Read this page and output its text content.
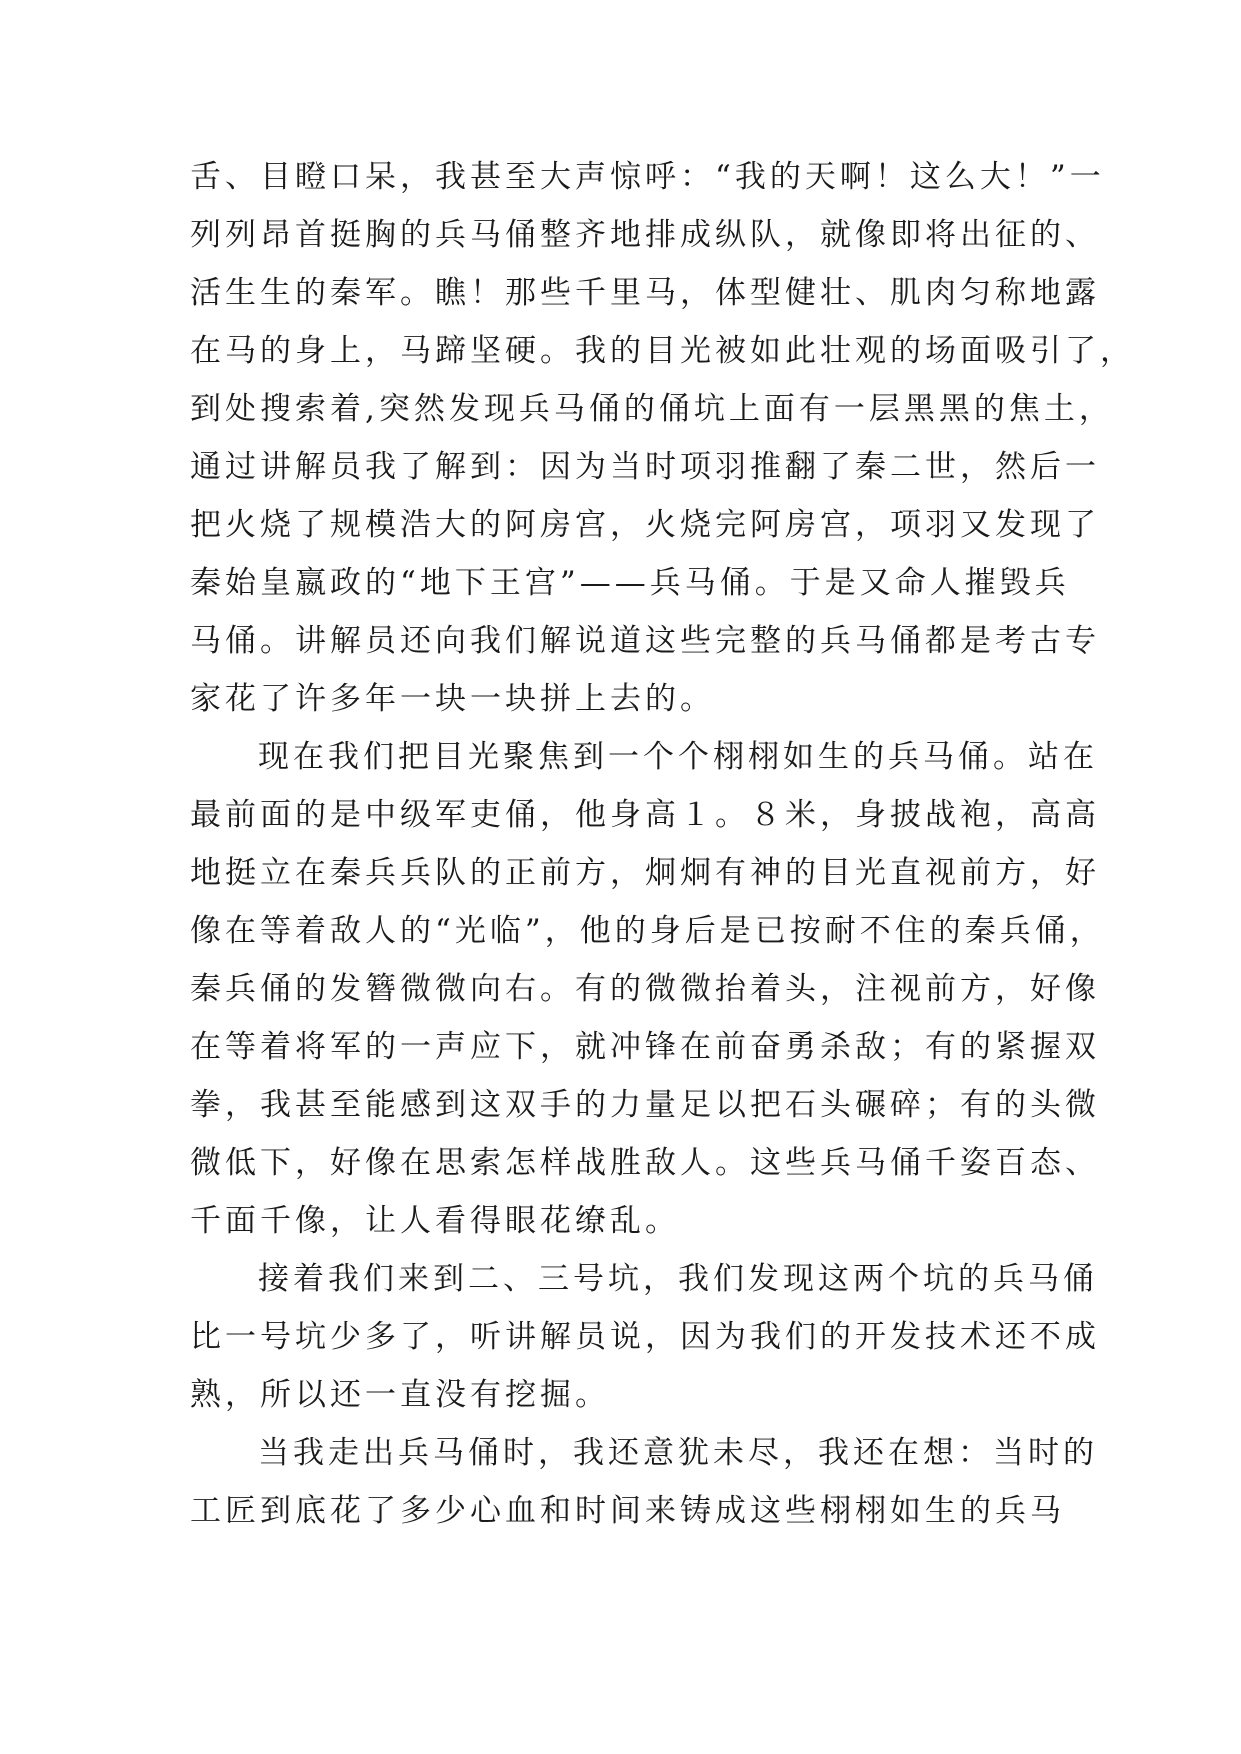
舌、目瞪口呆，我甚至大声惊呼：“我的天啊！这么大！”一
列列昂首挺胸的兵马俑整齐地排成纵队，就像即将出征的、
活生生的秦军。瞧！那些千里马，体型健壮、肌肉匀称地露
在马的身上，马蹄坚硬。我的目光被如此壮观的场面吸引了，
到处搜索着,突然发现兵马俑的俑坑上面有一层黑黑的焦土，
通过讲解员我了解到：因为当时项羽推翻了秦二世，然后一
把火烧了规模浩大的阿房宫，火烧完阿房宫，项羽又发现了
秦始皇嬴政的“地下王宫”——兵马俑。于是又命人摧毁兵
马俑。讲解员还向我们解说道这些完整的兵马俑都是考古专
家花了许多年一块一块拼上去的。
现在我们把目光聚焦到一个个栩栩如生的兵马俑。站在
最前面的是中级军吏俑，他身高１。８米，身披战袍，高高
地挺立在秦兵兵队的正前方，炯炯有神的目光直视前方，好
像在等着敌人的“光临”，他的身后是已按耐不住的秦兵俑，
秦兵俑的发簪微微向右。有的微微抬着头，注视前方，好像
在等着将军的一声应下，就冲锋在前奋勇杀敌；有的紧握双
拳，我甚至能感到这双手的力量足以把石头碾碎；有的头微
微低下，好像在思索怎样战胜敌人。这些兵马俑千姿百态、
千面千像，让人看得眼花缭乱。
接着我们来到二、三号坑，我们发现这两个坑的兵马俑
比一号坑少多了，听讲解员说，因为我们的开发技术还不成
熟，所以还一直没有挖掘。
当我走出兵马俑时，我还意犹未尽，我还在想：当时的
工匠到底花了多少心血和时间来铸成这些栩栩如生的兵马
